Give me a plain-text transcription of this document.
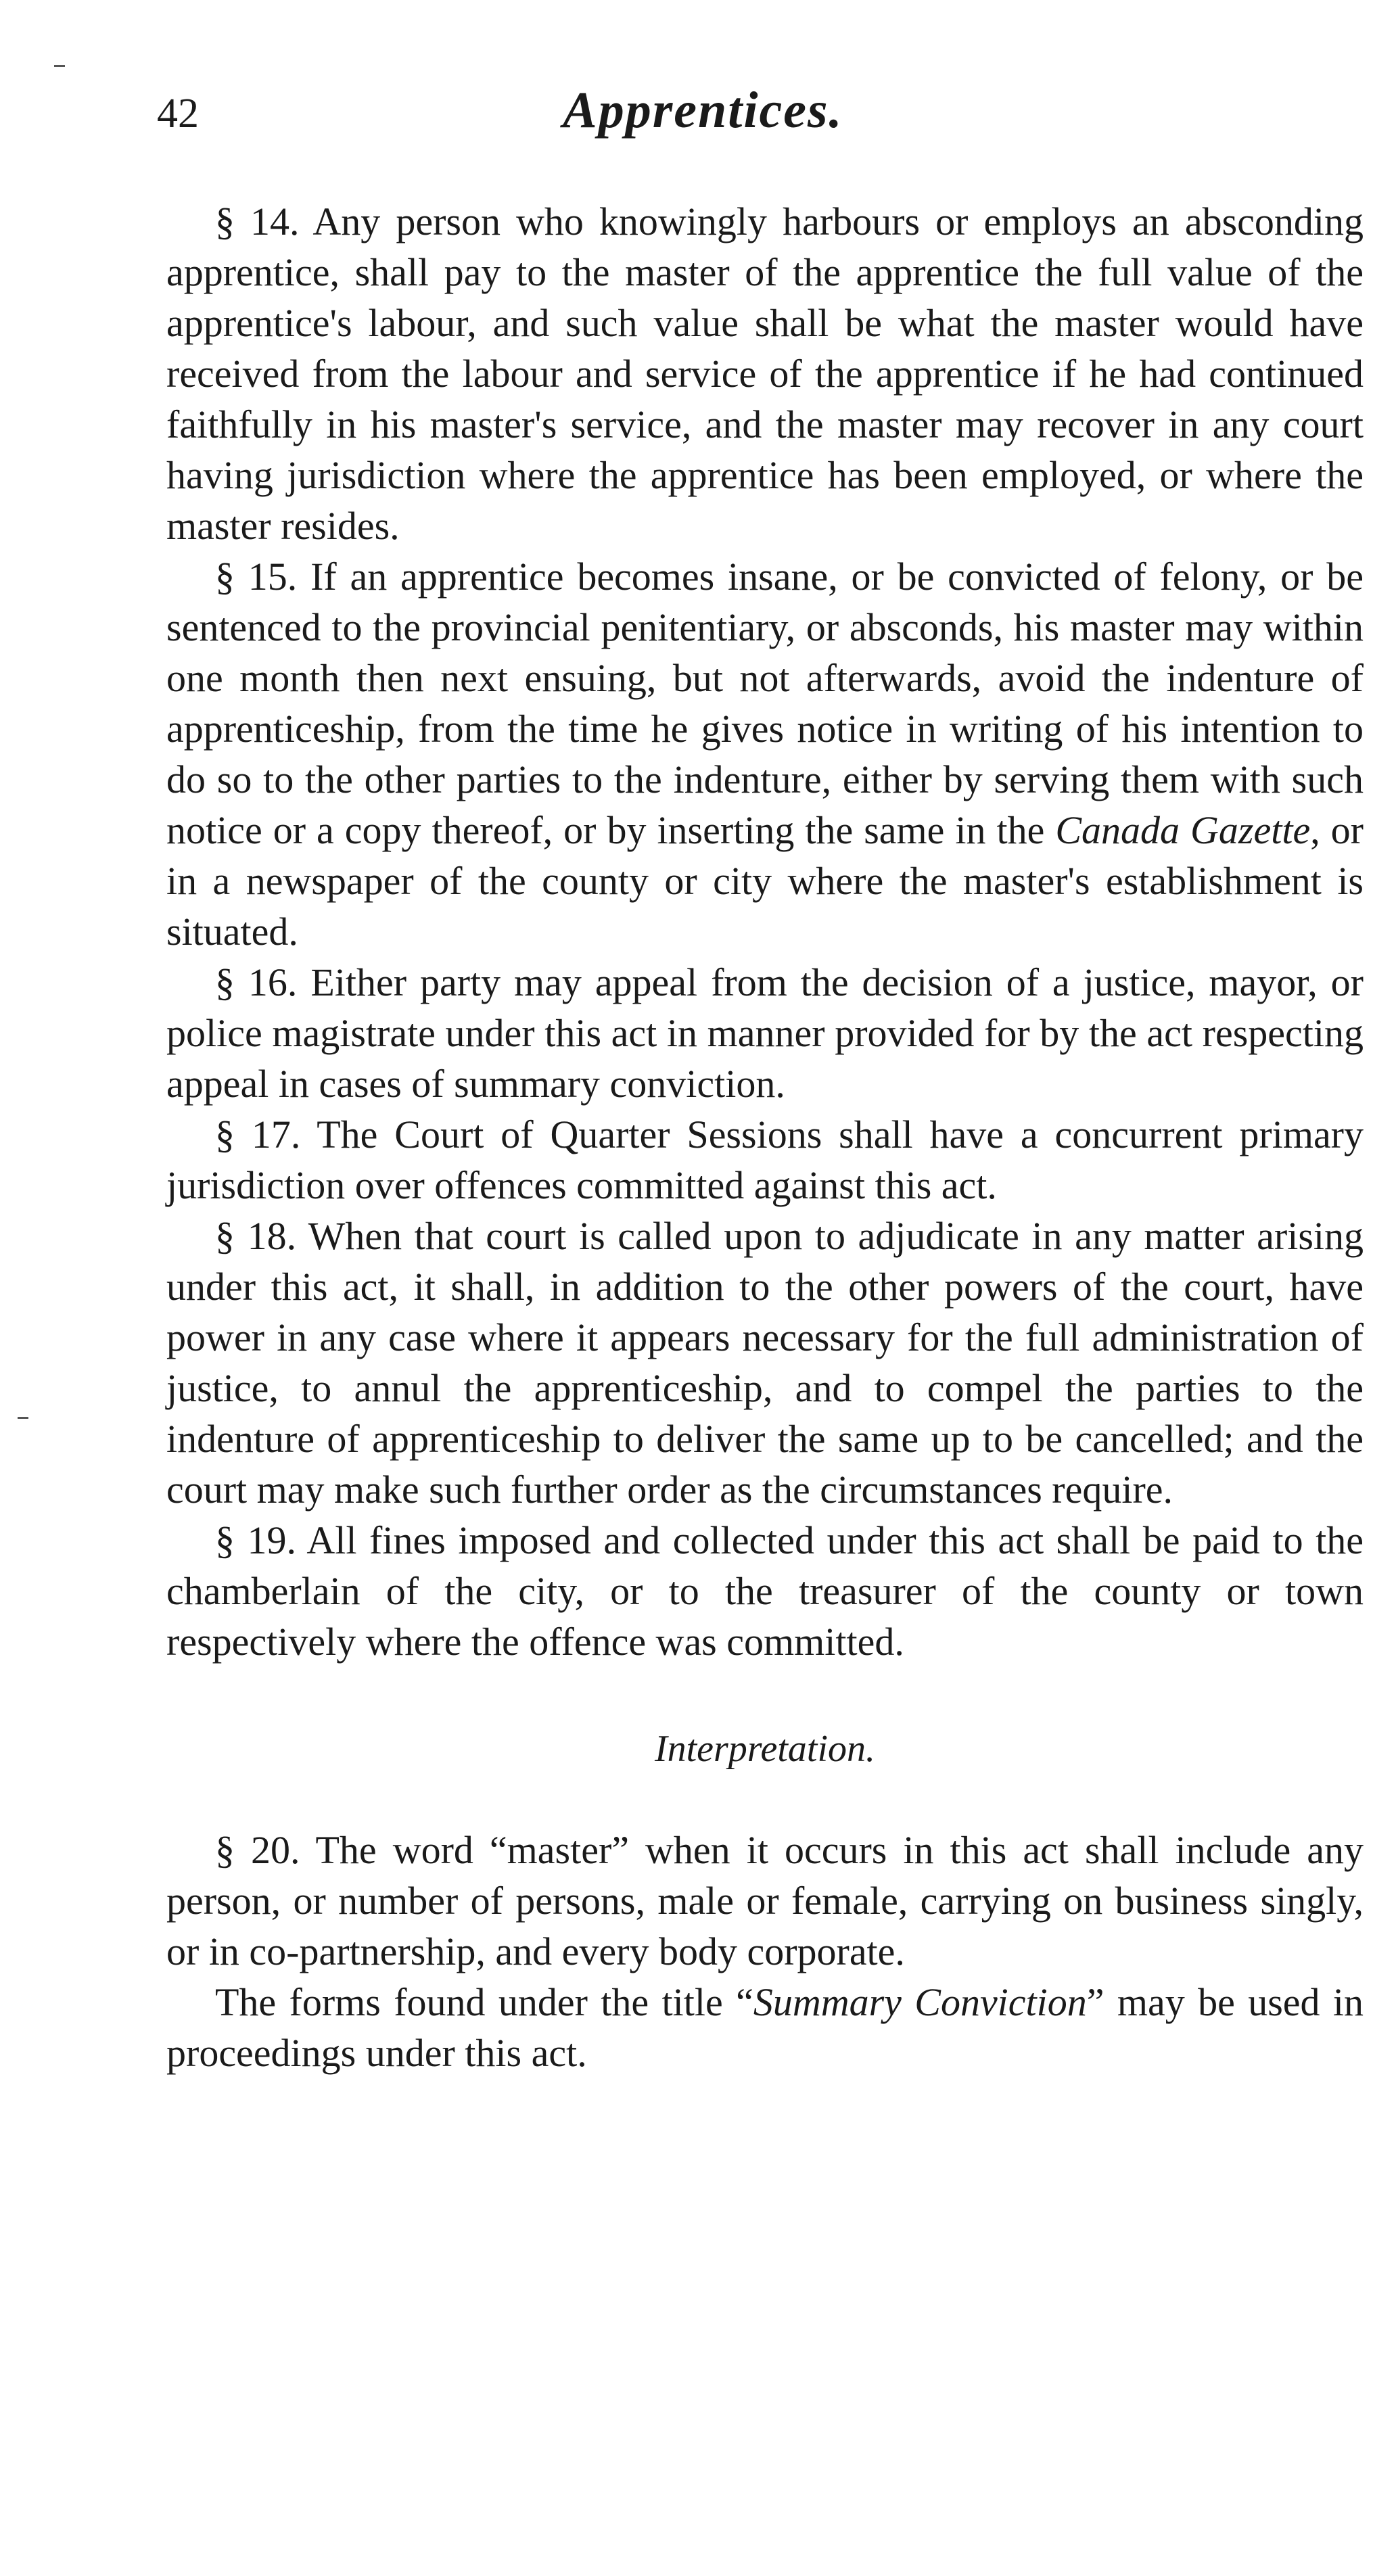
42	Apprentices.

§ 14. Any person who knowingly harbours or employs an absconding apprentice, shall pay to the master of the apprentice the full value of the apprentice's labour, and such value shall be what the master would have received from the labour and service of the apprentice if he had continued faithfully in his master's service, and the master may recover in any court having jurisdiction where the apprentice has been employed, or where the master resides.

§ 15. If an apprentice becomes insane, or be convicted of felony, or be sentenced to the provincial penitentiary, or absconds, his master may within one month then next ensuing, but not afterwards, avoid the indenture of apprenticeship, from the time he gives notice in writing of his intention to do so to the other parties to the indenture, either by serving them with such notice or a copy thereof, or by inserting the same in the Canada Gazette, or in a newspaper of the county or city where the master's establishment is situated.

§ 16. Either party may appeal from the decision of a justice, mayor, or police magistrate under this act in manner provided for by the act respecting appeal in cases of summary conviction.

§ 17. The Court of Quarter Sessions shall have a concurrent primary jurisdiction over offences committed against this act.

§ 18. When that court is called upon to adjudicate in any matter arising under this act, it shall, in addition to the other powers of the court, have power in any case where it appears necessary for the full administration of justice, to annul the apprenticeship, and to compel the parties to the indenture of apprenticeship to deliver the same up to be cancelled; and the court may make such further order as the circumstances require.

§ 19. All fines imposed and collected under this act shall be paid to the chamberlain of the city, or to the treasurer of the county or town respectively where the offence was committed.

Interpretation.

§ 20. The word “master” when it occurs in this act shall include any person, or number of persons, male or female, carrying on business singly, or in co-partnership, and every body corporate.

The forms found under the title “Summary Conviction” may be used in proceedings under this act.
